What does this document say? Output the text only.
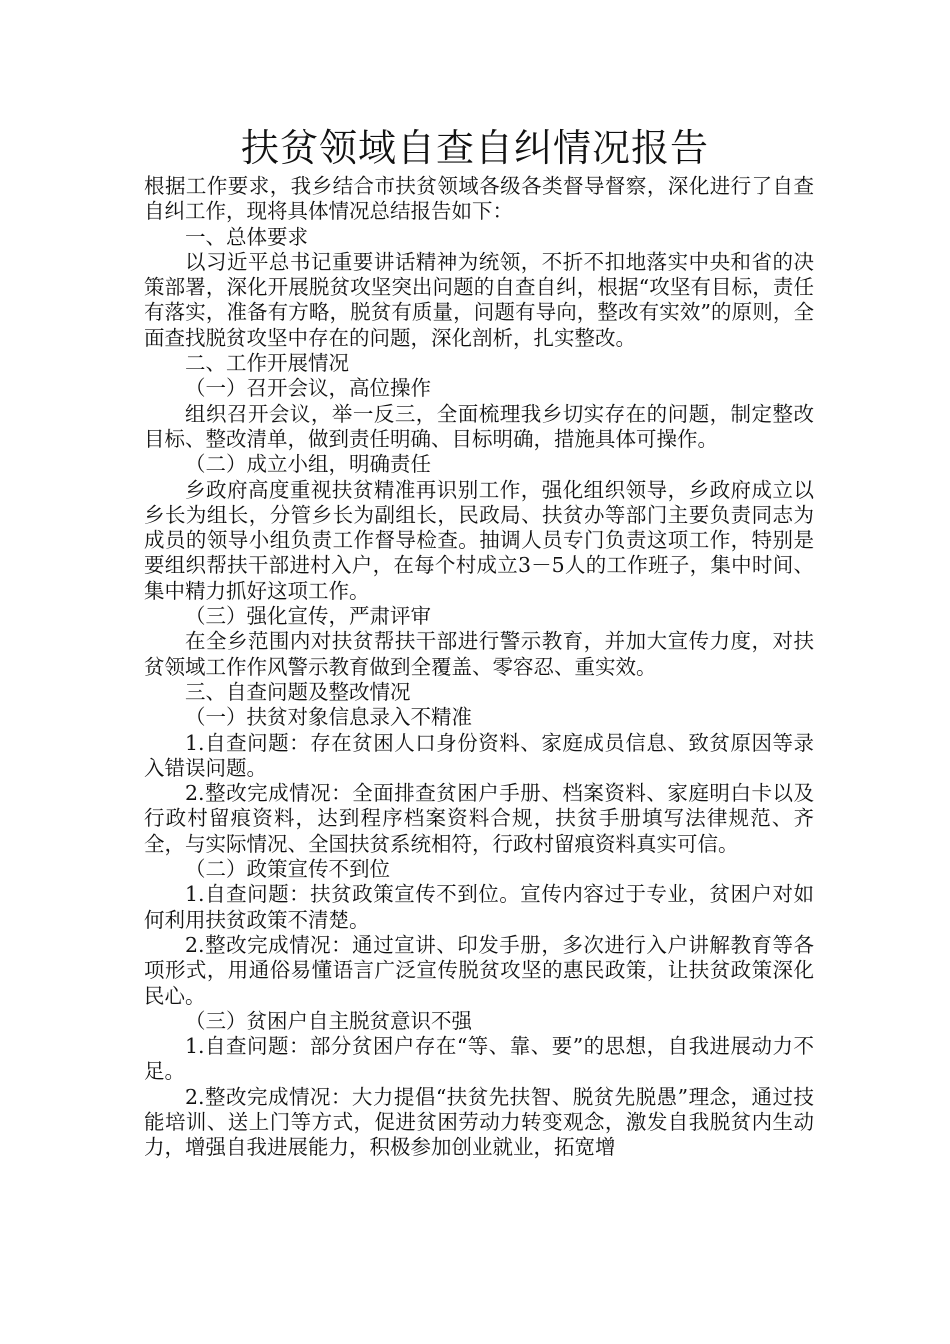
扶贫领域自查自纠情况报告

根据工作要求，我乡结合市扶贫领域各级各类督导督察，深化进行了自查自纠工作，现将具体情况总结报告如下：

一、总体要求

以习近平总书记重要讲话精神为统领，不折不扣地落实中央和省的决策部署，深化开展脱贫攻坚突出问题的自查自纠，根据“攻坚有目标，责任有落实，准备有方略，脱贫有质量，问题有导向，整改有实效”的原则，全面查找脱贫攻坚中存在的问题，深化剖析，扎实整改。

二、工作开展情况

（一）召开会议，高位操作

组织召开会议，举一反三，全面梳理我乡切实存在的问题，制定整改目标、整改清单，做到责任明确、目标明确，措施具体可操作。

（二）成立小组，明确责任

乡政府高度重视扶贫精准再识别工作，强化组织领导，乡政府成立以乡长为组长，分管乡长为副组长，民政局、扶贫办等部门主要负责同志为成员的领导小组负责工作督导检查。抽调人员专门负责这项工作，特别是要组织帮扶干部进村入户，在每个村成立3－5人的工作班子，集中时间、集中精力抓好这项工作。

（三）强化宣传，严肃评审

在全乡范围内对扶贫帮扶干部进行警示教育，并加大宣传力度，对扶贫领域工作作风警示教育做到全覆盖、零容忍、重实效。

三、自查问题及整改情况

（一）扶贫对象信息录入不精准

1.自查问题：存在贫困人口身份资料、家庭成员信息、致贫原因等录入错误问题。

2.整改完成情况：全面排查贫困户手册、档案资料、家庭明白卡以及行政村留痕资料，达到程序档案资料合规，扶贫手册填写法律规范、齐全，与实际情况、全国扶贫系统相符，行政村留痕资料真实可信。

（二）政策宣传不到位

1.自查问题：扶贫政策宣传不到位。宣传内容过于专业，贫困户对如何利用扶贫政策不清楚。

2.整改完成情况：通过宣讲、印发手册，多次进行入户讲解教育等各项形式，用通俗易懂语言广泛宣传脱贫攻坚的惠民政策，让扶贫政策深化民心。

（三）贫困户自主脱贫意识不强

1.自查问题：部分贫困户存在“等、靠、要”的思想，自我进展动力不足。

2.整改完成情况：大力提倡“扶贫先扶智、脱贫先脱愚”理念，通过技能培训、送上门等方式，促进贫困劳动力转变观念，激发自我脱贫内生动力，增强自我进展能力，积极参加创业就业，拓宽增
